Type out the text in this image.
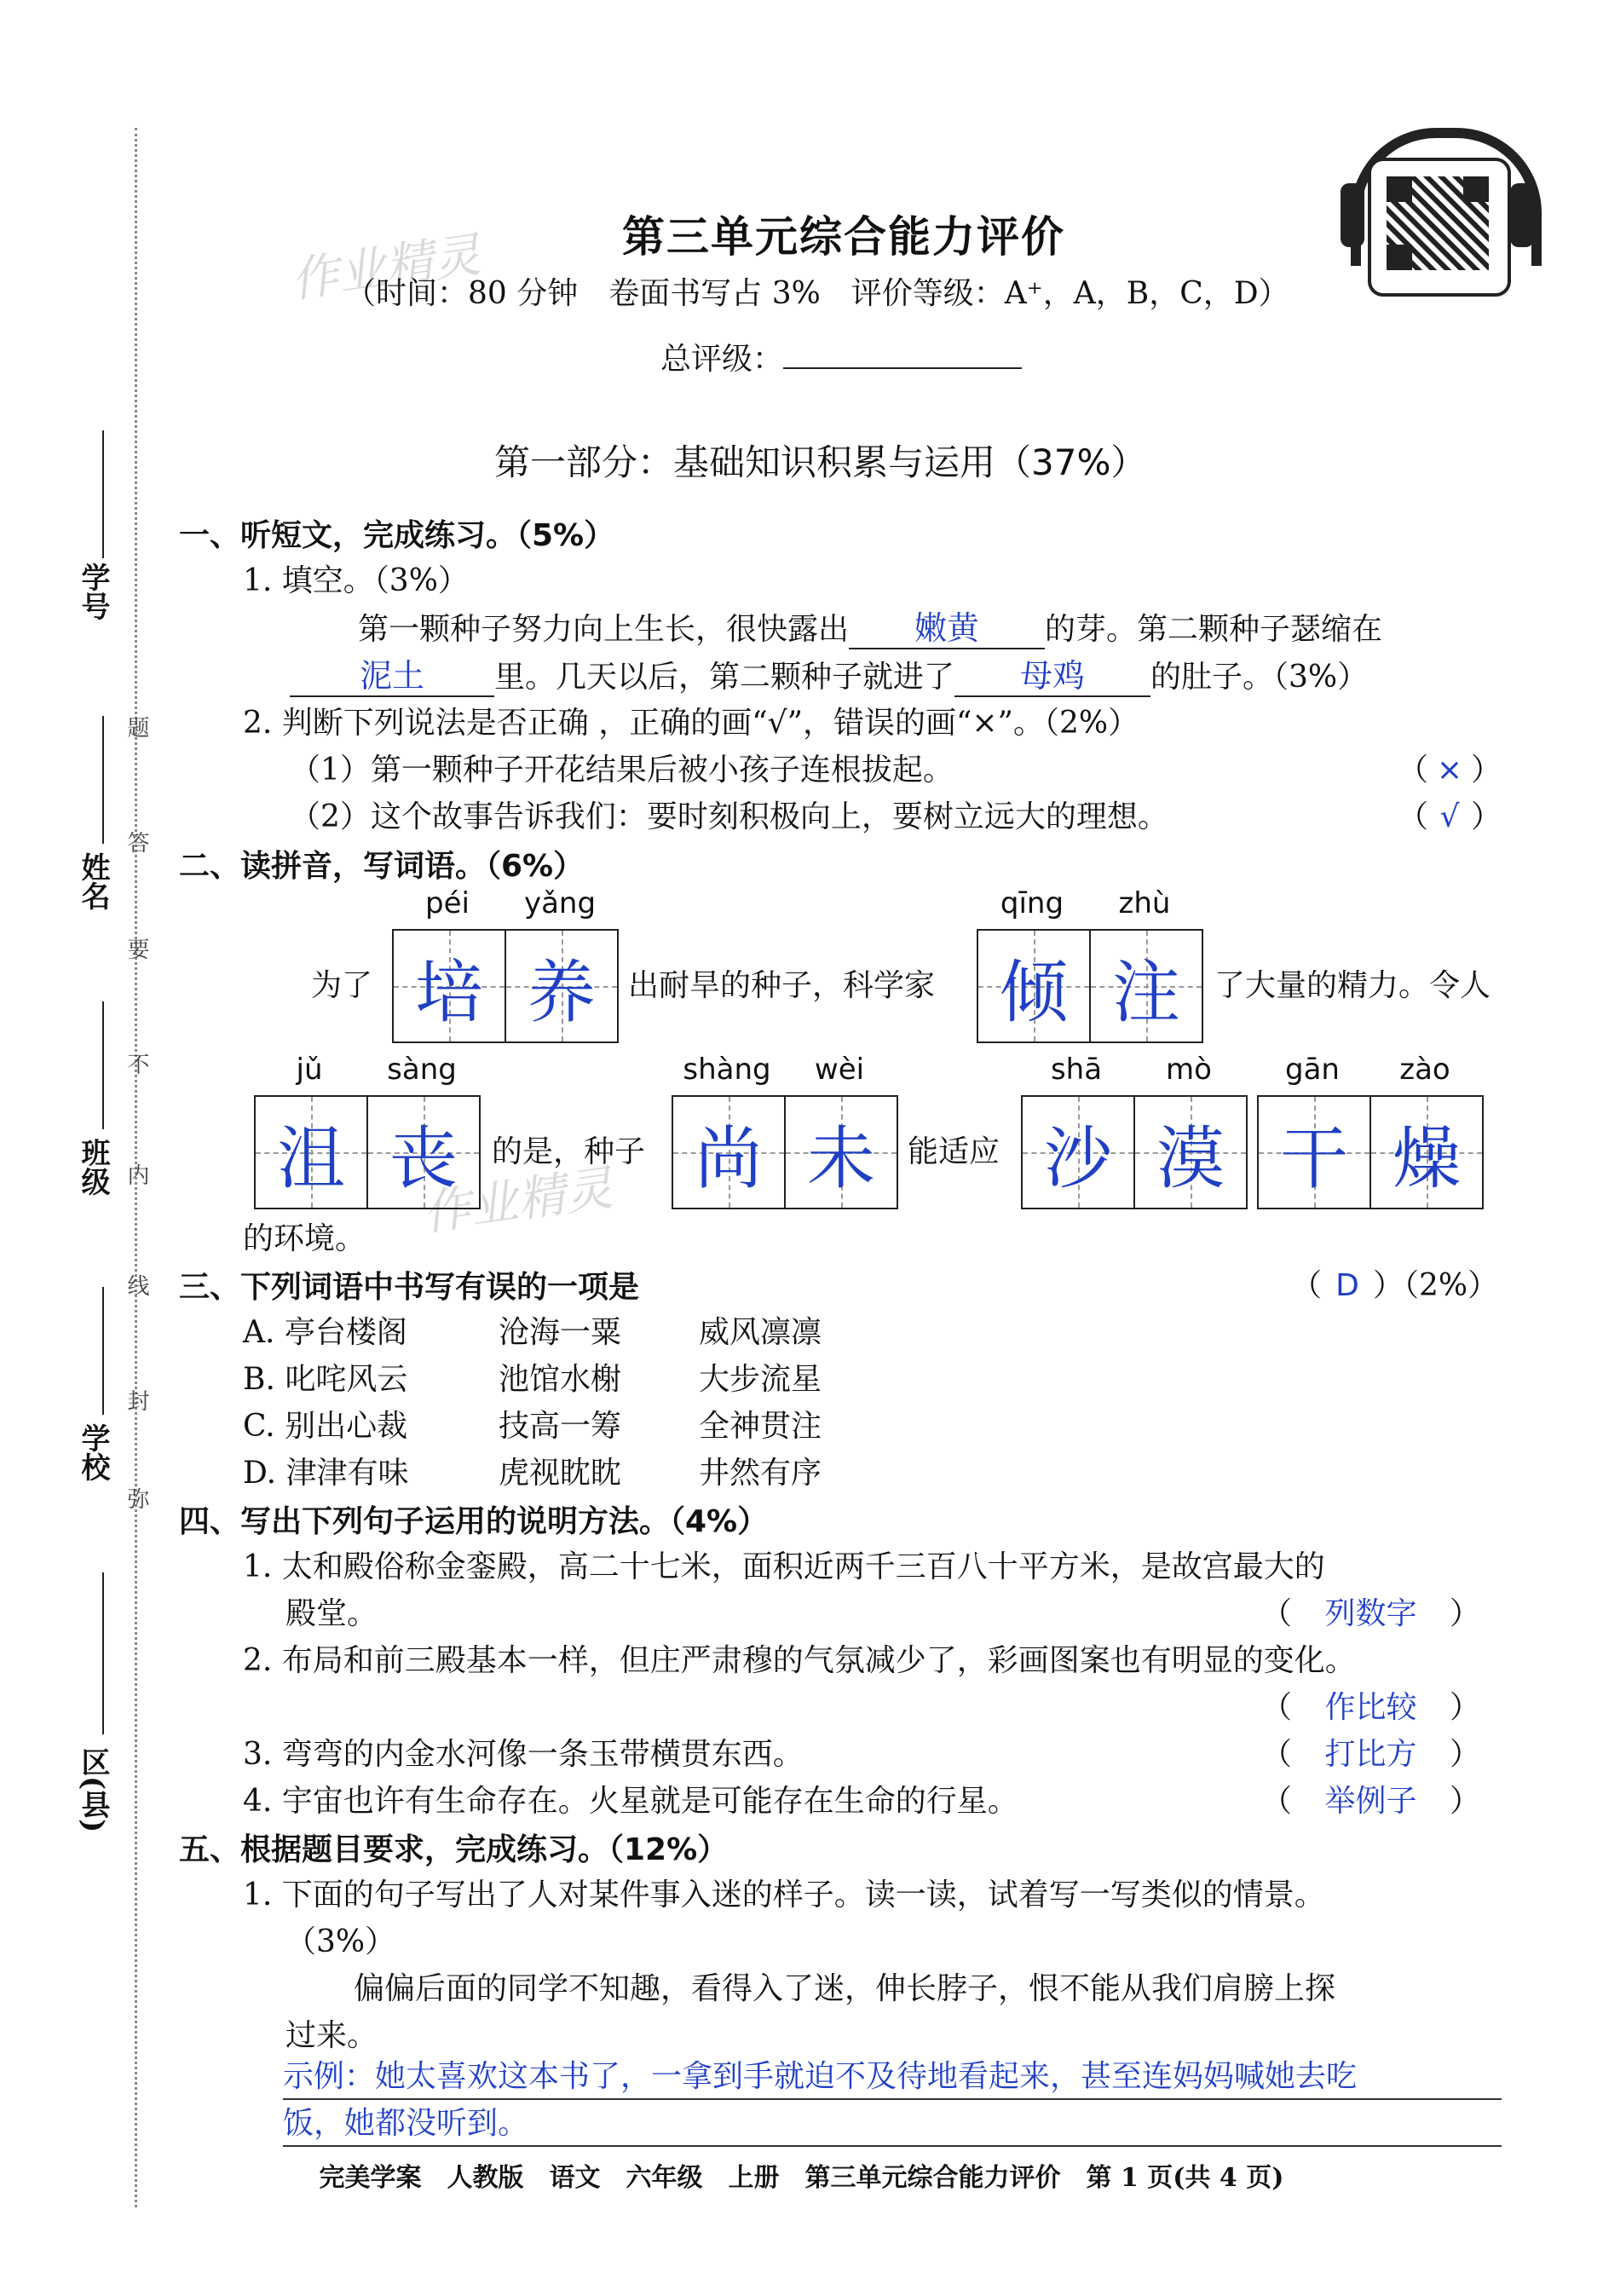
作业精灵
作业精灵
学号
姓名
班级
学校
区(县)
题
答
要
不
内
线
封
弥
第三单元综合能力评价
（时间：80 分钟　卷面书写占 3%　评价等级：A⁺，A，B，C，D）
总评级：
第一部分：基础知识积累与运用（37%）
一、听短文，完成练习。（5%）
1. 填空。（3%）
第一颗种子努力向上生长，很快露出 嫩黄 的芽。第二颗种子瑟缩在
泥土 里。几天以后，第二颗种子就进了 母鸡 的肚子。（3%）
2. 判断下列说法是否正确 ，正确的画“√”，错误的画“×”。（2%）
（1）第一颗种子开花结果后被小孩子连根拔起。	（ × ）
（2）这个故事告诉我们：要时刻积极向上，要树立远大的理想。	（ √ ）
二、读拼音，写词语。（6%）
péi	yǎng	qīng	zhù
为了 培 养 出耐旱的种子，科学家 倾 注 了大量的精力。令人
jǔ	sàng	shàng	wèi	shā	mò	gān	zào
沮 丧 的是，种子 尚 未 能适应 沙 漠 干 燥
的环境。
三、下列词语中书写有误的一项是	（ D ）（2%）
A. 亭台楼阁	沧海一粟	威风凛凛
B. 叱咤风云	池馆水榭	大步流星
C. 别出心裁	技高一筹	全神贯注
D. 津津有味	虎视眈眈	井然有序
四、写出下列句子运用的说明方法。（4%）
1. 太和殿俗称金銮殿，高二十七米，面积近两千三百八十平方米，是故宫最大的
殿堂。	（ 列数字 ）
2. 布局和前三殿基本一样，但庄严肃穆的气氛减少了，彩画图案也有明显的变化。
（ 作比较 ）
3. 弯弯的内金水河像一条玉带横贯东西。	（ 打比方 ）
4. 宇宙也许有生命存在。火星就是可能存在生命的行星。	（ 举例子 ）
五、根据题目要求，完成练习。（12%）
1. 下面的句子写出了人对某件事入迷的样子。读一读，试着写一写类似的情景。
（3%）
偏偏后面的同学不知趣，看得入了迷，伸长脖子，恨不能从我们肩膀上探
过来。
示例：她太喜欢这本书了，一拿到手就迫不及待地看起来，甚至连妈妈喊她去吃
饭，她都没听到。
完美学案　人教版　语文　六年级　上册　第三单元综合能力评价　第 1 页(共 4 页)
